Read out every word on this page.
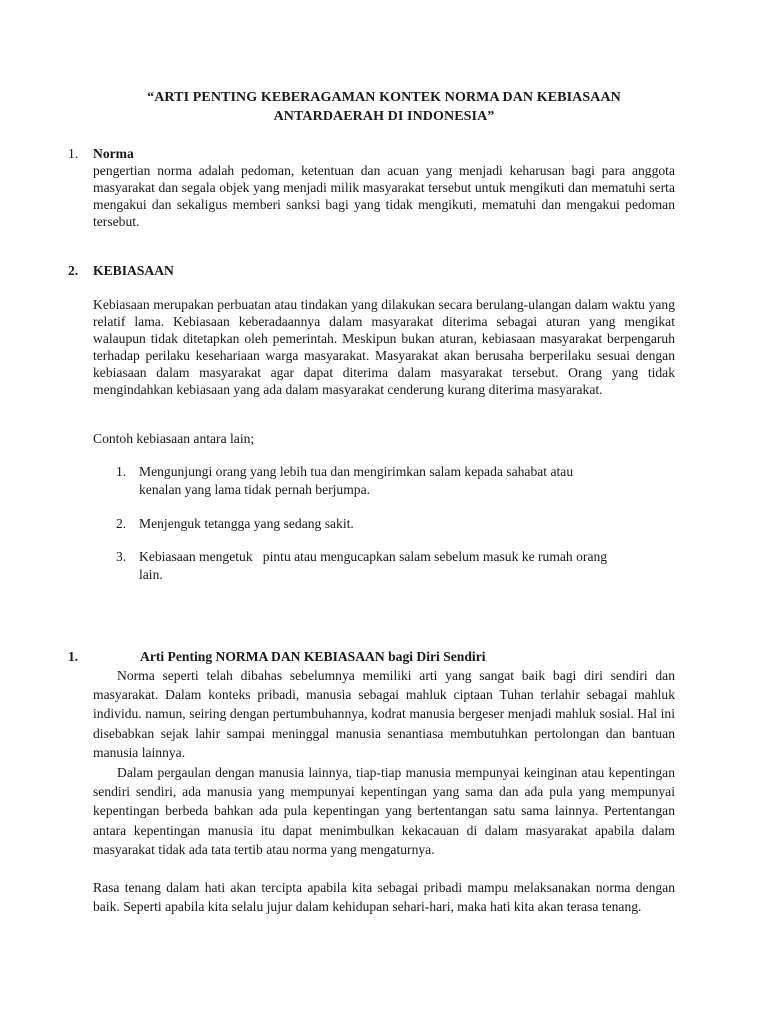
“ARTI PENTING KEBERAGAMAN KONTEK NORMA DAN KEBIASAAN
ANTARDAERAH DI INDONESIA”
1. Norma
pengertian norma adalah pedoman, ketentuan dan acuan yang menjadi keharusan bagi para anggota masyarakat dan segala objek yang menjadi milik masyarakat tersebut untuk mengikuti dan mematuhi serta mengakui dan sekaligus memberi sanksi bagi yang tidak mengikuti, mematuhi dan mengakui pedoman tersebut.
2. KEBIASAAN
Kebiasaan merupakan perbuatan atau tindakan yang dilakukan secara berulang-ulangan dalam waktu yang relatif lama. Kebiasaan keberadaannya dalam masyarakat diterima sebagai aturan yang mengikat walaupun tidak ditetapkan oleh pemerintah. Meskipun bukan aturan, kebiasaan masyarakat berpengaruh terhadap perilaku kesehariaan warga masyarakat. Masyarakat akan berusaha berperilaku sesuai dengan kebiasaan dalam masyarakat agar dapat diterima dalam masyarakat tersebut. Orang yang tidak mengindahkan kebiasaan yang ada dalam masyarakat cenderung kurang diterima masyarakat.
Contoh kebiasaan antara lain;
1. Mengunjungi orang yang lebih tua dan mengirimkan salam kepada sahabat atau
kenalan yang lama tidak pernah berjumpa.
2. Menjenguk tetangga yang sedang sakit.
3. Kebiasaan mengetuk   pintu atau mengucapkan salam sebelum masuk ke rumah orang
lain.
1.	Arti Penting NORMA DAN KEBIASAAN bagi Diri Sendiri
Norma seperti telah dibahas sebelumnya memiliki arti yang sangat baik bagi diri sendiri dan masyarakat. Dalam konteks pribadi, manusia sebagai mahluk ciptaan Tuhan terlahir sebagai mahluk individu. namun, seiring dengan pertumbuhannya, kodrat manusia bergeser menjadi mahluk sosial. Hal ini disebabkan sejak lahir sampai meninggal manusia senantiasa membutuhkan pertolongan dan bantuan manusia lainnya.
Dalam pergaulan dengan manusia lainnya, tiap-tiap manusia mempunyai keinginan atau kepentingan sendiri sendiri, ada manusia yang mempunyai kepentingan yang sama dan ada pula yang mempunyai kepentingan berbeda bahkan ada pula kepentingan yang bertentangan satu sama lainnya. Pertentangan antara kepentingan manusia itu dapat menimbulkan kekacauan di dalam masyarakat apabila dalam masyarakat tidak ada tata tertib atau norma yang mengaturnya.
Rasa tenang dalam hati akan tercipta apabila kita sebagai pribadi mampu melaksanakan norma dengan baik. Seperti apabila kita selalu jujur dalam kehidupan sehari-hari, maka hati kita akan terasa tenang.
